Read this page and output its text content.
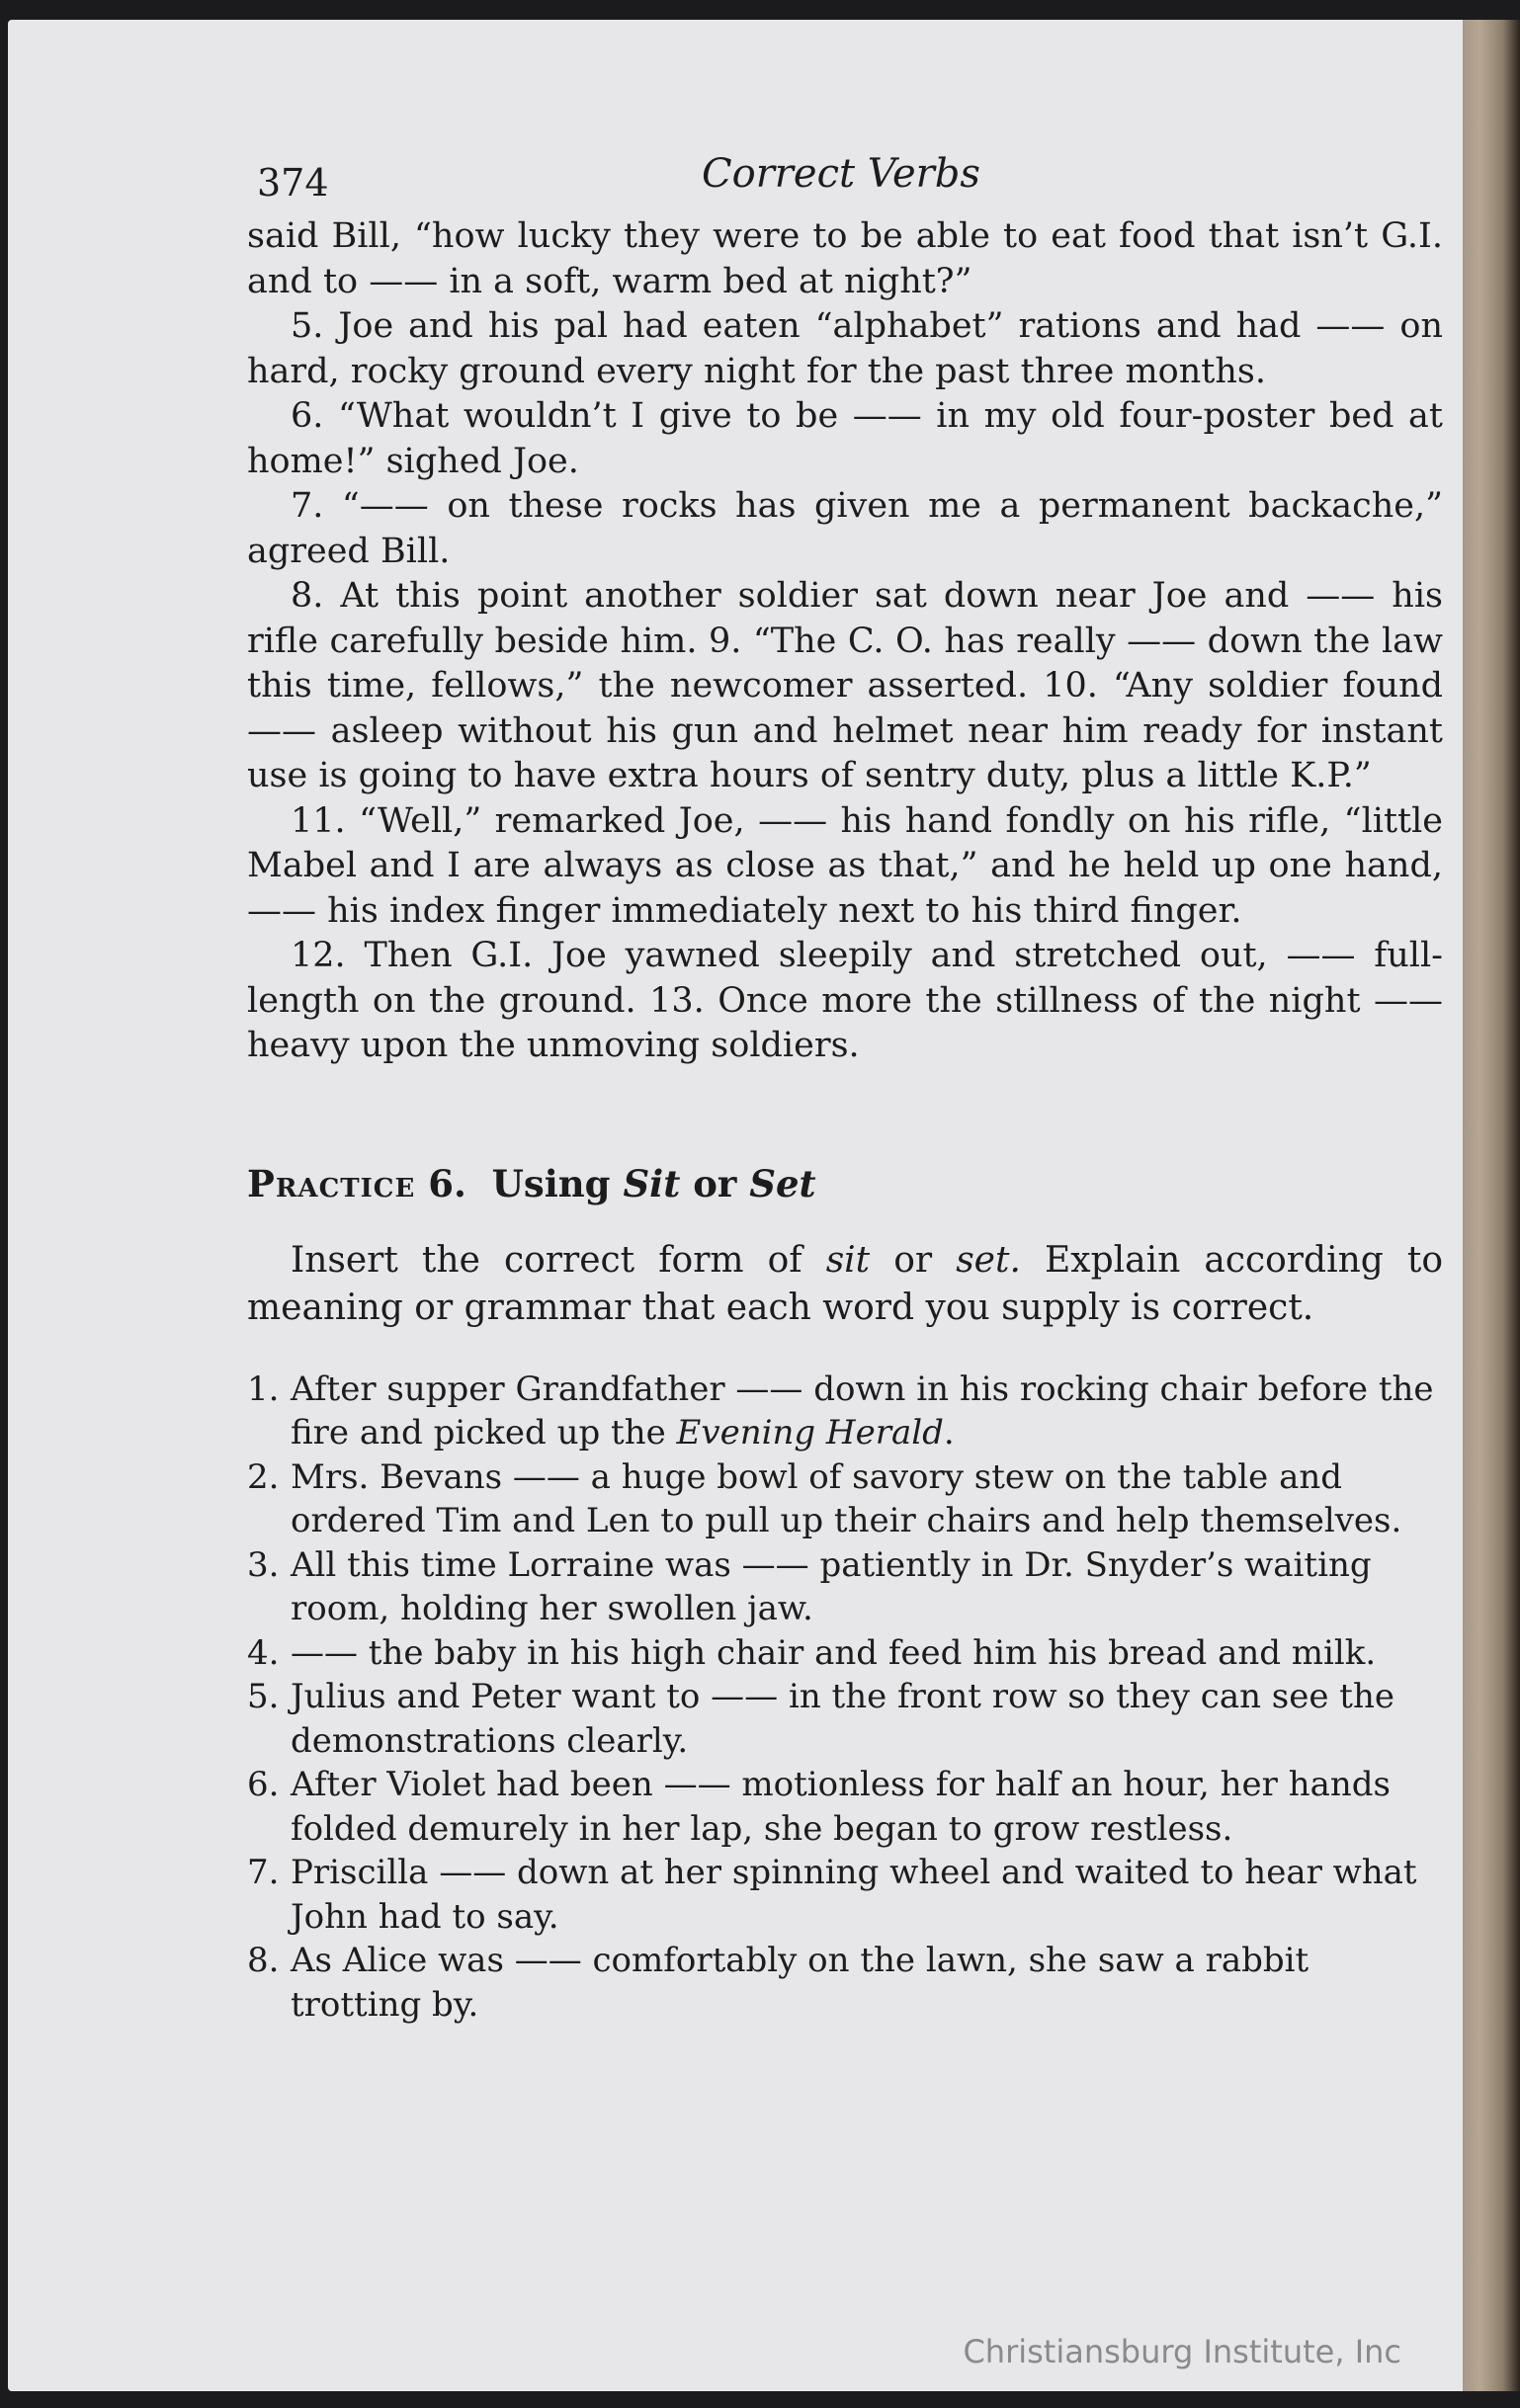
374	Correct Verbs

said Bill, “how lucky they were to be able to eat food that isn’t G.I. and to —— in a soft, warm bed at night?”

5. Joe and his pal had eaten “alphabet” rations and had —— on hard, rocky ground every night for the past three months.

6. “What wouldn’t I give to be —— in my old four-poster bed at home!” sighed Joe.

7. “—— on these rocks has given me a permanent backache,” agreed Bill.

8. At this point another soldier sat down near Joe and —— his rifle carefully beside him. 9. “The C. O. has really —— down the law this time, fellows,” the newcomer asserted. 10. “Any soldier found —— asleep without his gun and helmet near him ready for instant use is going to have extra hours of sentry duty, plus a little K.P.”

11. “Well,” remarked Joe, —— his hand fondly on his rifle, “little Mabel and I are always as close as that,” and he held up one hand, —— his index finger immediately next to his third finger.

12. Then G.I. Joe yawned sleepily and stretched out, —— full-length on the ground. 13. Once more the stillness of the night —— heavy upon the unmoving soldiers.

Practice 6. Using Sit or Set

Insert the correct form of sit or set. Explain according to meaning or grammar that each word you supply is correct.

1. After supper Grandfather —— down in his rocking chair before the fire and picked up the Evening Herald.
2. Mrs. Bevans —— a huge bowl of savory stew on the table and ordered Tim and Len to pull up their chairs and help themselves.
3. All this time Lorraine was —— patiently in Dr. Snyder’s waiting room, holding her swollen jaw.
4. —— the baby in his high chair and feed him his bread and milk.
5. Julius and Peter want to —— in the front row so they can see the demonstrations clearly.
6. After Violet had been —— motionless for half an hour, her hands folded demurely in her lap, she began to grow restless.
7. Priscilla —— down at her spinning wheel and waited to hear what John had to say.
8. As Alice was —— comfortably on the lawn, she saw a rabbit trotting by.
Christiansburg Institute, Inc
